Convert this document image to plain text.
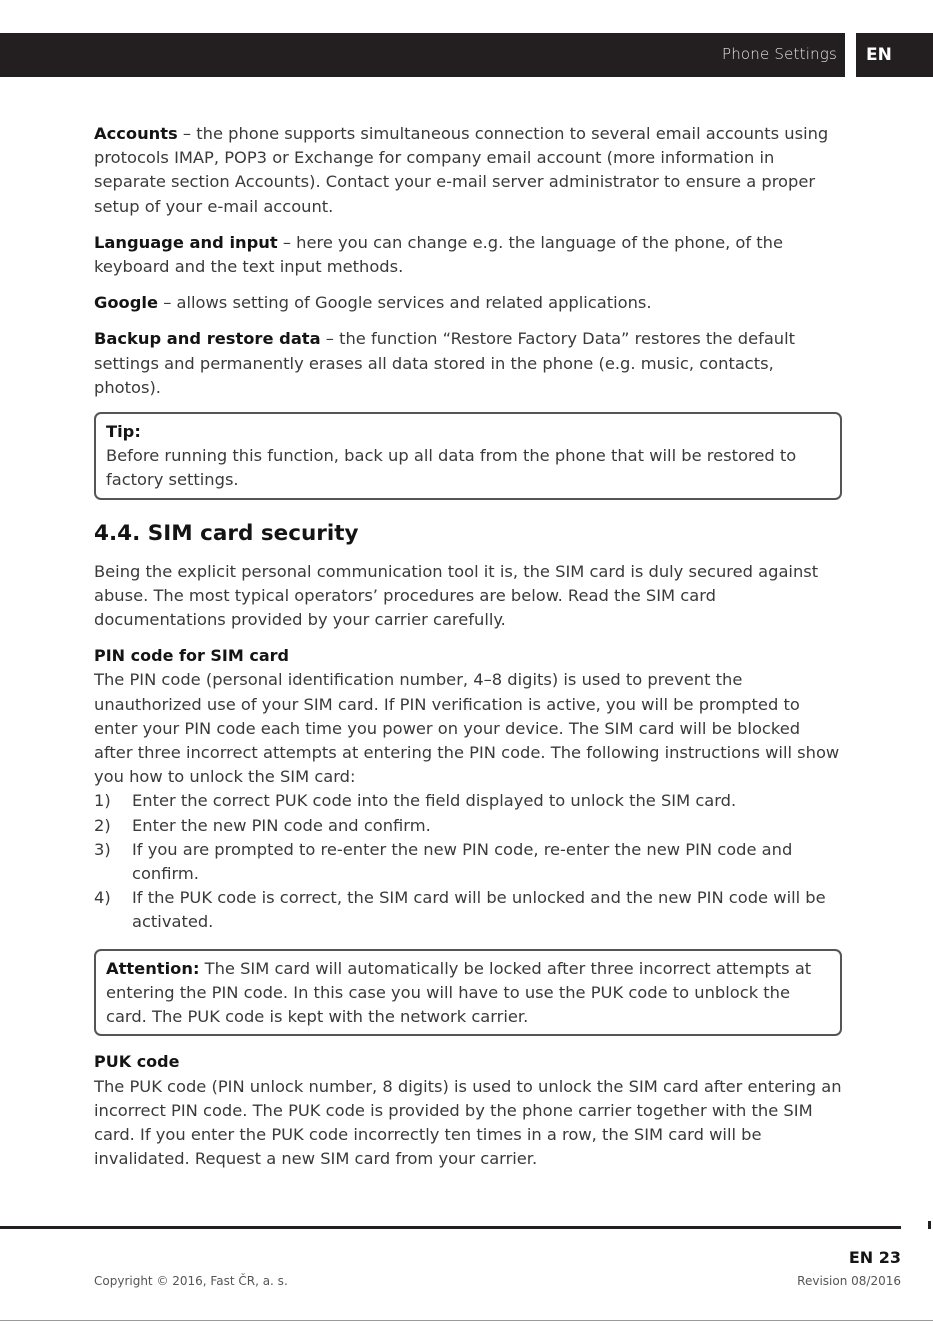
Phone Settings	EN

Accounts – the phone supports simultaneous connection to several email accounts using protocols IMAP, POP3 or Exchange for company email account (more information in separate section Accounts). Contact your e-mail server administrator to ensure a proper setup of your e-mail account.

Language and input – here you can change e.g. the language of the phone, of the keyboard and the text input methods.

Google – allows setting of Google services and related applications.

Backup and restore data – the function “Restore Factory Data” restores the default settings and permanently erases all data stored in the phone (e.g. music, contacts, photos).

Tip:
Before running this function, back up all data from the phone that will be restored to factory settings.
4.4. SIM card security

Being the explicit personal communication tool it is, the SIM card is duly secured against abuse. The most typical operators’ procedures are below. Read the SIM card documentations provided by your carrier carefully.

PIN code for SIM card
The PIN code (personal identification number, 4–8 digits) is used to prevent the unauthorized use of your SIM card. If PIN verification is active, you will be prompted to enter your PIN code each time you power on your device. The SIM card will be blocked after three incorrect attempts at entering the PIN code. The following instructions will show you how to unlock the SIM card:
1) Enter the correct PUK code into the field displayed to unlock the SIM card.
2) Enter the new PIN code and confirm.
3) If you are prompted to re-enter the new PIN code, re-enter the new PIN code and confirm.
4) If the PUK code is correct, the SIM card will be unlocked and the new PIN code will be activated.
Attention: The SIM card will automatically be locked after three incorrect attempts at entering the PIN code. In this case you will have to use the PUK code to unblock the card. The PUK code is kept with the network carrier.
PUK code
The PUK code (PIN unlock number, 8 digits) is used to unlock the SIM card after entering an incorrect PIN code. The PUK code is provided by the phone carrier together with the SIM card. If you enter the PUK code incorrectly ten times in a row, the SIM card will be invalidated. Request a new SIM card from your carrier.
EN 23
Copyright © 2016, Fast ČR, a. s.	Revision 08/2016
